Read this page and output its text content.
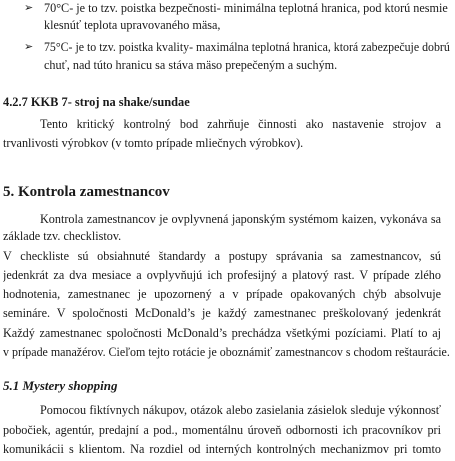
➢ 70°C- je to tzv. poistka bezpečnosti- minimálna teplotná hranica, pod ktorú nesmie
klesnúť teplota upravovaného mäsa,
➢ 75°C- je to tzv. poistka kvality- maximálna teplotná hranica, ktorá zabezpečuje dobrú
chuť, nad túto hranicu sa stáva mäso prepečeným a suchým.
4.2.7 KKB 7- stroj na shake/sundae
Tento kritický kontrolný bod zahrňuje činnosti ako nastavenie strojov a
trvanlivosti výrobkov (v tomto prípade mliečnych výrobkov).
5. Kontrola zamestnancov
Kontrola zamestnancov je ovplyvnená japonským systémom kaizen, vykonáva sa
základe tzv. checklistov.
V checkliste sú obsiahnuté štandardy a postupy správania sa zamestnancov, sú
jedenkrát za dva mesiace a ovplyvňujú ich profesijný a platový rast. V prípade zlého
hodnotenia, zamestnanec je upozornený a v prípade opakovaných chýb absolvuje
semináre. V spoločnosti McDonald’s je každý zamestnanec preškolovaný jedenkrát
Každý zamestnanec spoločnosti McDonald’s prechádza všetkými pozíciami. Platí to aj
v prípade manažérov. Cieľom tejto rotácie je oboznámiť zamestnancov s chodom reštaurácie.
5.1 Mystery shopping
Pomocou fiktívnych nákupov, otázok alebo zasielania zásielok sleduje výkonnosť
pobočiek, agentúr, predajní a pod., momentálnu úroveň odbornosti ich pracovníkov pri
komunikácii s klientom. Na rozdiel od interných kontrolných mechanizmov pri tomto
